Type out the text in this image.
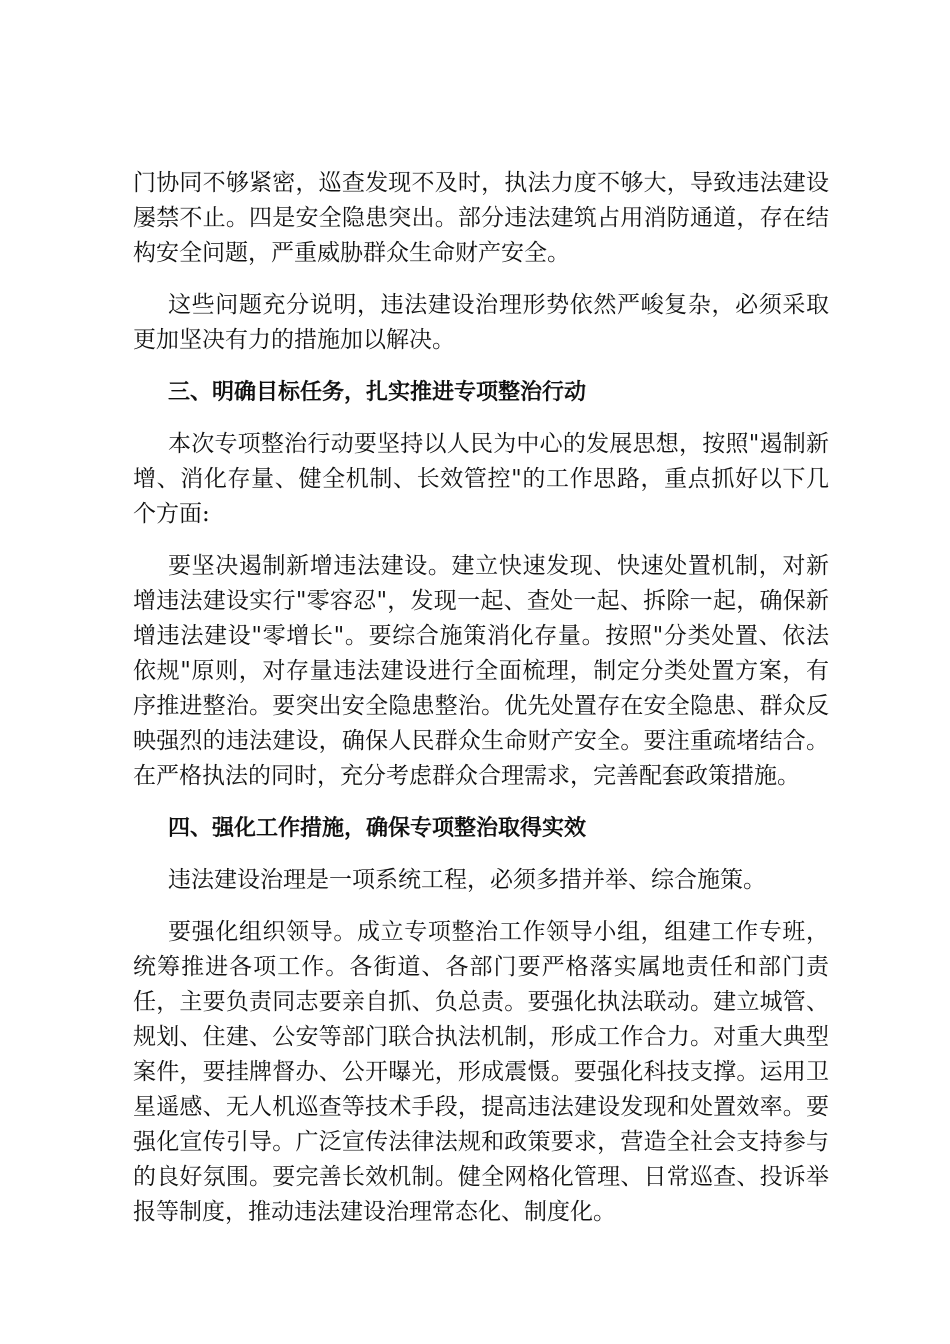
门协同不够紧密，巡查发现不及时，执法力度不够大，导致违法建设屡禁不止。四是安全隐患突出。部分违法建筑占用消防通道，存在结构安全问题，严重威胁群众生命财产安全。

这些问题充分说明，违法建设治理形势依然严峻复杂，必须采取更加坚决有力的措施加以解决。

三、明确目标任务，扎实推进专项整治行动

本次专项整治行动要坚持以人民为中心的发展思想，按照"遏制新增、消化存量、健全机制、长效管控"的工作思路，重点抓好以下几个方面:

要坚决遏制新增违法建设。建立快速发现、快速处置机制，对新增违法建设实行"零容忍"，发现一起、查处一起、拆除一起，确保新增违法建设"零增长"。要综合施策消化存量。按照"分类处置、依法依规"原则，对存量违法建设进行全面梳理，制定分类处置方案，有序推进整治。要突出安全隐患整治。优先处置存在安全隐患、群众反映强烈的违法建设，确保人民群众生命财产安全。要注重疏堵结合。在严格执法的同时，充分考虑群众合理需求，完善配套政策措施。

四、强化工作措施，确保专项整治取得实效

违法建设治理是一项系统工程，必须多措并举、综合施策。

要强化组织领导。成立专项整治工作领导小组，组建工作专班，统筹推进各项工作。各街道、各部门要严格落实属地责任和部门责任，主要负责同志要亲自抓、负总责。要强化执法联动。建立城管、规划、住建、公安等部门联合执法机制，形成工作合力。对重大典型案件，要挂牌督办、公开曝光，形成震慑。要强化科技支撑。运用卫星遥感、无人机巡查等技术手段，提高违法建设发现和处置效率。要强化宣传引导。广泛宣传法律法规和政策要求，营造全社会支持参与的良好氛围。要完善长效机制。健全网格化管理、日常巡查、投诉举报等制度，推动违法建设治理常态化、制度化。
